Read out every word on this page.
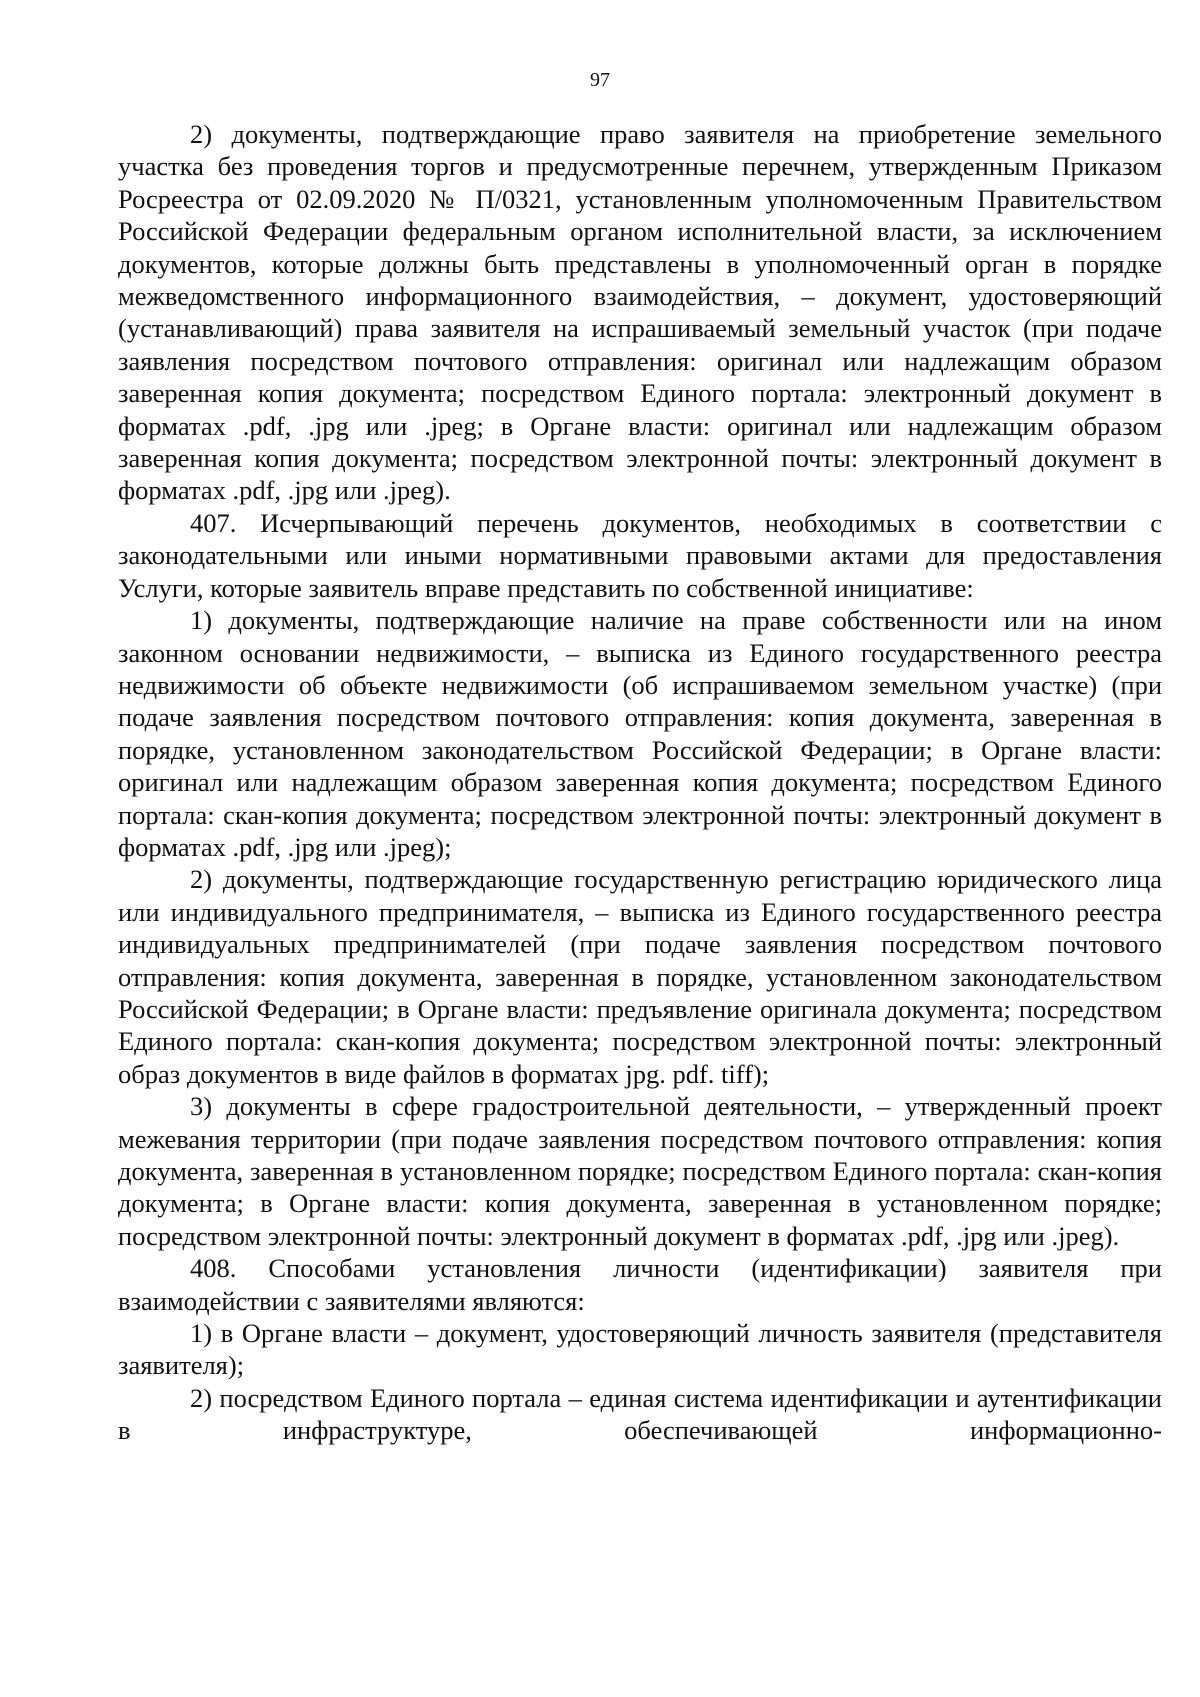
97

2) документы, подтверждающие право заявителя на приобретение земельного участка без проведения торгов и предусмотренные перечнем, утвержденным Приказом Росреестра от 02.09.2020 № П/0321, установленным уполномоченным Правительством Российской Федерации федеральным органом исполнительной власти, за исключением документов, которые должны быть представлены в уполномоченный орган в порядке межведомственного информационного взаимодействия, – документ, удостоверяющий (устанавливающий) права заявителя на испрашиваемый земельный участок (при подаче заявления посредством почтового отправления: оригинал или надлежащим образом заверенная копия документа; посредством Единого портала: электронный документ в форматах .pdf, .jpg или .jpeg; в Органе власти: оригинал или надлежащим образом заверенная копия документа; посредством электронной почты: электронный документ в форматах .pdf, .jpg или .jpeg).

407. Исчерпывающий перечень документов, необходимых в соответствии с законодательными или иными нормативными правовыми актами для предоставления Услуги, которые заявитель вправе представить по собственной инициативе:

1) документы, подтверждающие наличие на праве собственности или на ином законном основании недвижимости, – выписка из Единого государственного реестра недвижимости об объекте недвижимости (об испрашиваемом земельном участке) (при подаче заявления посредством почтового отправления: копия документа, заверенная в порядке, установленном законодательством Российской Федерации; в Органе власти: оригинал или надлежащим образом заверенная копия документа; посредством Единого портала: скан-копия документа; посредством электронной почты: электронный документ в форматах .pdf, .jpg или .jpeg);

2) документы, подтверждающие государственную регистрацию юридического лица или индивидуального предпринимателя, – выписка из Единого государственного реестра индивидуальных предпринимателей (при подаче заявления посредством почтового отправления: копия документа, заверенная в порядке, установленном законодательством Российской Федерации; в Органе власти: предъявление оригинала документа; посредством Единого портала: скан-копия документа; посредством электронной почты: электронный образ документов в виде файлов в форматах jpg. pdf. tiff);

3) документы в сфере градостроительной деятельности, – утвержденный проект межевания территории (при подаче заявления посредством почтового отправления: копия документа, заверенная в установленном порядке; посредством Единого портала: скан-копия документа; в Органе власти: копия документа, заверенная в установленном порядке; посредством электронной почты: электронный документ в форматах .pdf, .jpg или .jpeg).

408. Способами установления личности (идентификации) заявителя при взаимодействии с заявителями являются:

1) в Органе власти – документ, удостоверяющий личность заявителя (представителя заявителя);

2) посредством Единого портала – единая система идентификации и аутентификации в инфраструктуре, обеспечивающей информационно-
